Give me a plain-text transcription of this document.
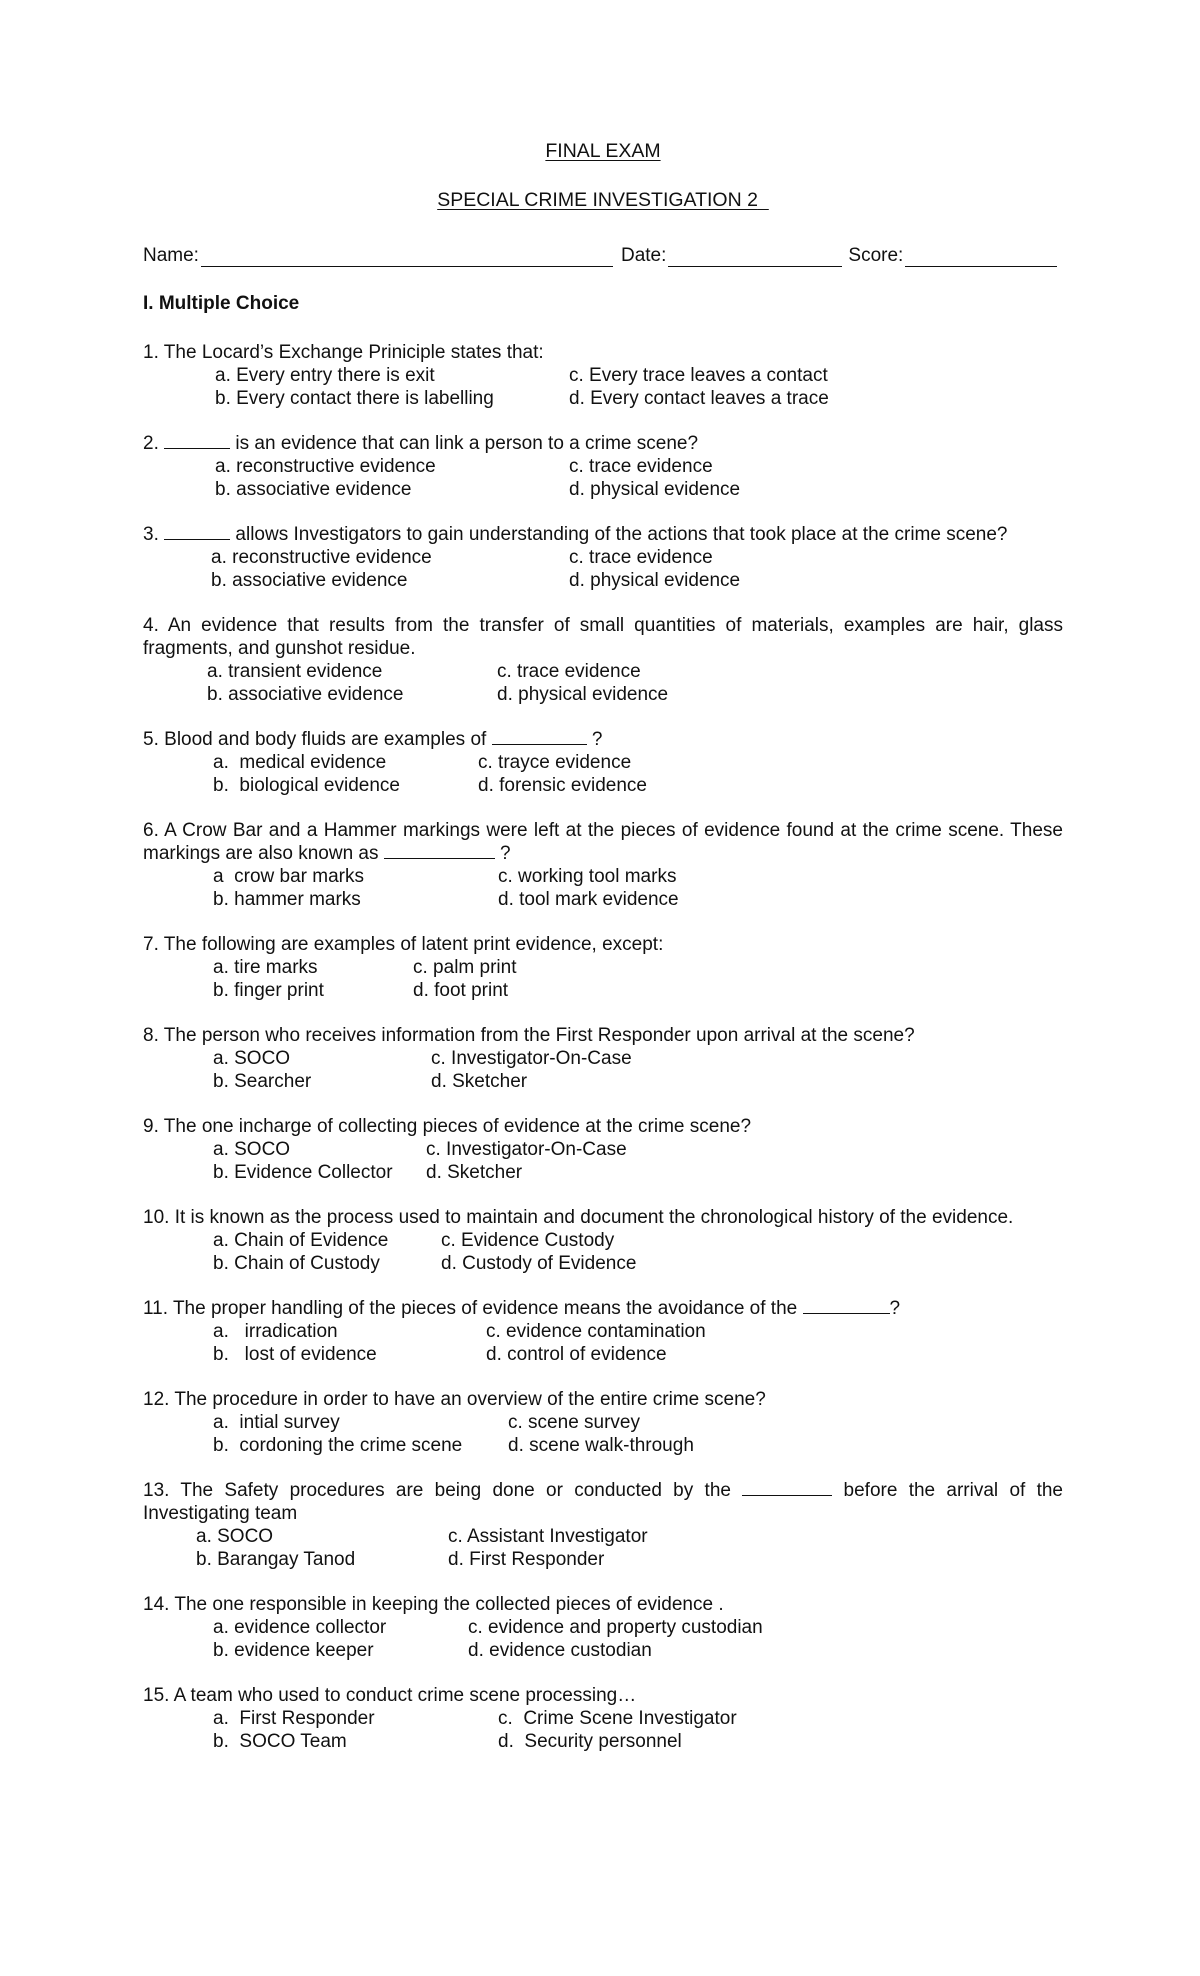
FINAL EXAM
SPECIAL CRIME INVESTIGATION 2
Name:	Date:	Score:
I. Multiple Choice
1. The Locard’s Exchange Priniciple states that:
a. Every entry there is exit	c. Every trace leaves a contact
b. Every contact there is labelling	d. Every contact leaves a trace
2.	is an evidence that can link a person to a crime scene?
a. reconstructive evidence	c. trace evidence
b. associative evidence	d. physical evidence
3.	allows Investigators to gain understanding of the actions that took place at the crime scene?
a. reconstructive evidence	c. trace evidence
b. associative evidence	d. physical evidence
4. An evidence that results from the transfer of small quantities of materials, examples are hair, glass fragments, and gunshot residue.
a. transient evidence	c. trace evidence
b. associative evidence	d. physical evidence
5. Blood and body fluids are examples of	?
a.  medical evidence	c. trayce evidence
b.  biological evidence	d. forensic evidence
6. A Crow Bar and a Hammer markings were left at the pieces of evidence found at the crime scene. These markings are also known as	?
a  crow bar marks	c. working tool marks
b. hammer marks	d. tool mark evidence
7. The following are examples of latent print evidence, except:
a. tire marks	c. palm print
b. finger print	d. foot print
8. The person who receives information from the First Responder upon arrival at the scene?
a. SOCO	c. Investigator-On-Case
b. Searcher	d. Sketcher
9. The one incharge of collecting pieces of evidence at the crime scene?
a. SOCO	c. Investigator-On-Case
b. Evidence Collector	d. Sketcher
10. It is known as the process used to maintain and document the chronological history of the evidence.
a. Chain of Evidence	c. Evidence Custody
b. Chain of Custody	d. Custody of Evidence
11. The proper handling of the pieces of evidence means the avoidance of the	?
a.   irradication	c. evidence contamination
b.   lost of evidence	d. control of evidence
12. The procedure in order to have an overview of the entire crime scene?
a.  intial survey	c. scene survey
b.  cordoning the crime scene	d. scene walk-through
13. The Safety procedures are being done or conducted by the	before the arrival of the Investigating team
a. SOCO	c. Assistant Investigator
b. Barangay Tanod	d. First Responder
14. The one responsible in keeping the collected pieces of evidence .
a. evidence collector	c. evidence and property custodian
b. evidence keeper	d. evidence custodian
15. A team who used to conduct crime scene processing…
a.  First Responder	c.  Crime Scene Investigator
b.  SOCO Team	d.  Security personnel
